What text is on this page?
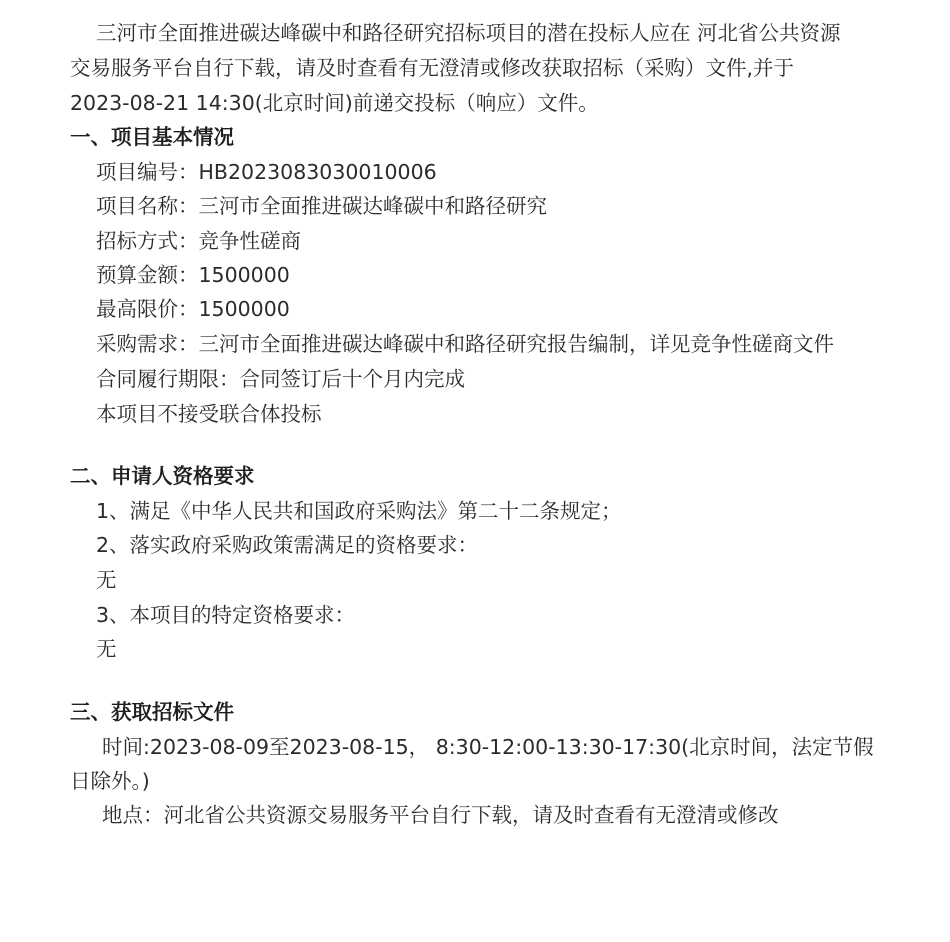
三河市全面推进碳达峰碳中和路径研究招标项目的潜在投标人应在 河北省公共资源
交易服务平台自行下载，请及时查看有无澄清或修改获取招标（采购）文件,并于
2023-08-21 14:30(北京时间)前递交投标（响应）文件。
一、项目基本情况
项目编号：HB2023083030010006
项目名称：三河市全面推进碳达峰碳中和路径研究
招标方式：竞争性磋商
预算金额：1500000
最高限价：1500000
采购需求：三河市全面推进碳达峰碳中和路径研究报告编制，详见竞争性磋商文件
合同履行期限：合同签订后十个月内完成
本项目不接受联合体投标
二、申请人资格要求
1、满足《中华人民共和国政府采购法》第二十二条规定；
2、落实政府采购政策需满足的资格要求：
无
3、本项目的特定资格要求：
无
三、获取招标文件
时间:2023-08-09至2023-08-15， 8:30-12:00-13:30-17:30(北京时间，法定节假
日除外。)
地点：河北省公共资源交易服务平台自行下载，请及时查看有无澄清或修改
